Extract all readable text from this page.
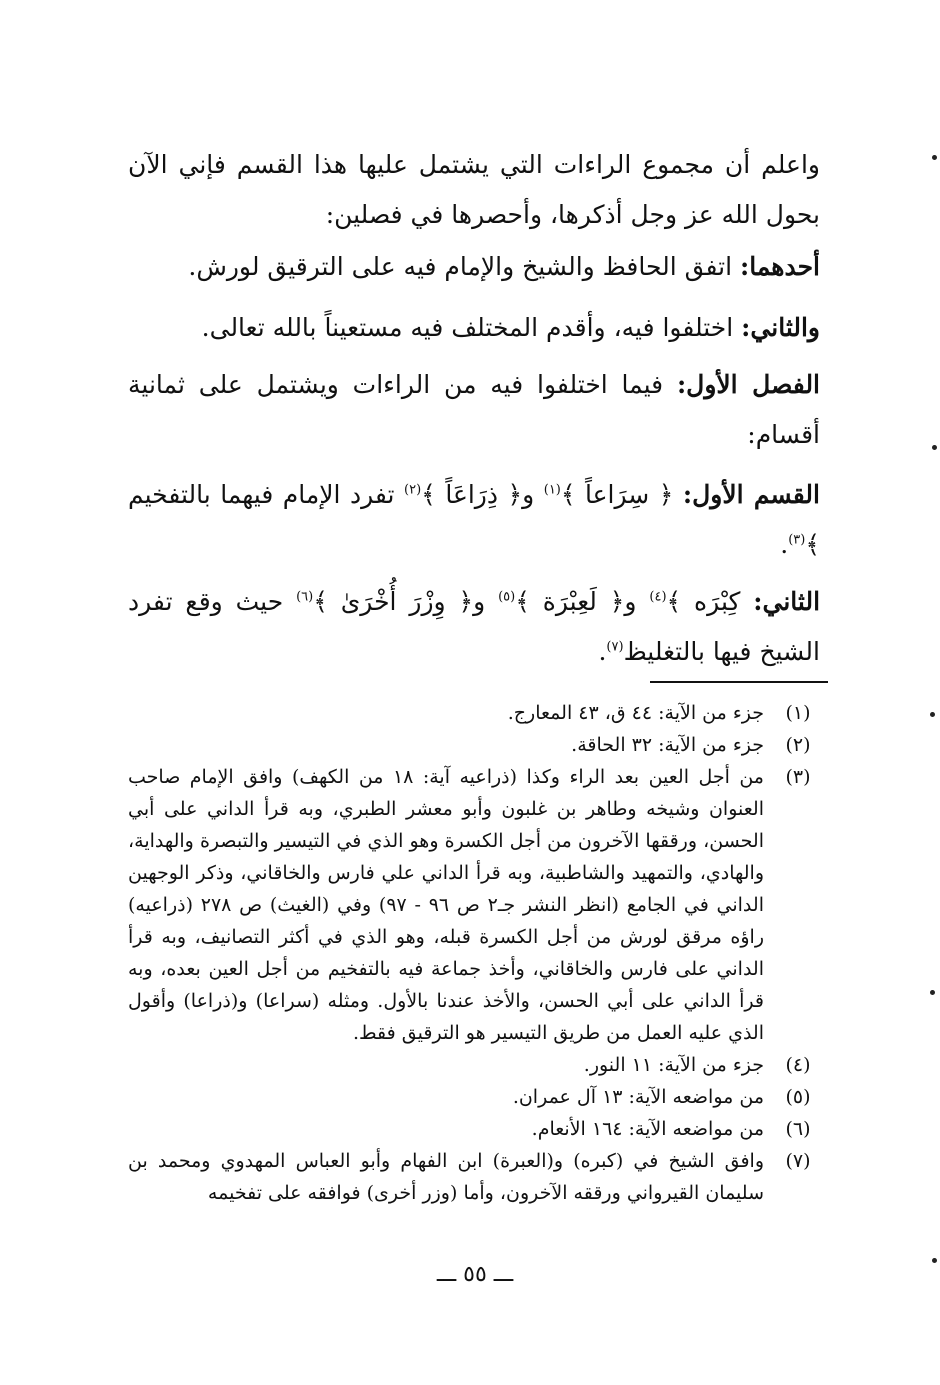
واعلم أن مجموع الراءات التي يشتمل عليها هذا القسم فإني الآن بحول الله عز وجل أذكرها، وأحصرها في فصلين:
أحدهما: اتفق الحافظ والشيخ والإمام فيه على الترقيق لورش.
والثاني: اختلفوا فيه، وأقدم المختلف فيه مستعيناً بالله تعالى.
الفصل الأول: فيما اختلفوا فيه من الراءات ويشتمل على ثمانية أقسام:
القسم الأول: ﴿ سِرَاعاً ﴾$^{(١)}$ و﴿ ذِرَاعَاً ﴾$^{(٢)}$ تفرد الإمام فيهما بالتفخيم ﴾$^{(٣)}$.
الثاني: كِبْرَه ﴾$^{(٤)}$ و﴿ لَعِبْرَة ﴾$^{(٥)}$ و﴿ وِزْرَ أُخْرَىٰ ﴾$^{(٦)}$ حيث وقع تفرد الشيخ فيها بالتغليظ$^{(٧)}$.
(١)
جزء من الآية: ٤٤ ق، ٤٣ المعارج.
(٢)
جزء من الآية: ٣٢ الحاقة.
(٣)
من أجل العين بعد الراء وكذا (ذراعيه آية: ١٨ من الكهف) وافق الإمام صاحب العنوان وشيخه وطاهر بن غلبون وأبو معشر الطبري، وبه قرأ الداني على أبي الحسن، ورققها الآخرون من أجل الكسرة وهو الذي في التيسير والتبصرة والهداية، والهادي، والتمهيد والشاطبية، وبه قرأ الداني علي فارس والخاقاني، وذكر الوجهين الداني في الجامع (انظر النشر جـ٢ ص ٩٦ - ٩٧) وفي (الغيث) ص ٢٧٨ (ذراعيه) راؤه مرقق لورش من أجل الكسرة قبله، وهو الذي في أكثر التصانيف، وبه قرأ الداني على فارس والخاقاني، وأخذ جماعة فيه بالتفخيم من أجل العين بعده، وبه قرأ الداني على أبي الحسن، والأخذ عندنا بالأول. ومثله (سراعا) و(ذراعا) وأقول الذي عليه العمل من طريق التيسير هو الترقيق فقط.
(٤)
جزء من الآية: ١١ النور.
(٥)
من مواضعه الآية: ١٣ آل عمران.
(٦)
من مواضعه الآية: ١٦٤ الأنعام.
(٧)
وافق الشيخ في (كبره) و(العبرة) ابن الفهام وأبو العباس المهدوي ومحمد بن سليمان القيرواني ورققه الآخرون، وأما (وزر أخرى) فوافقه على تفخيمه
ـــ ٥٥ ـــ
